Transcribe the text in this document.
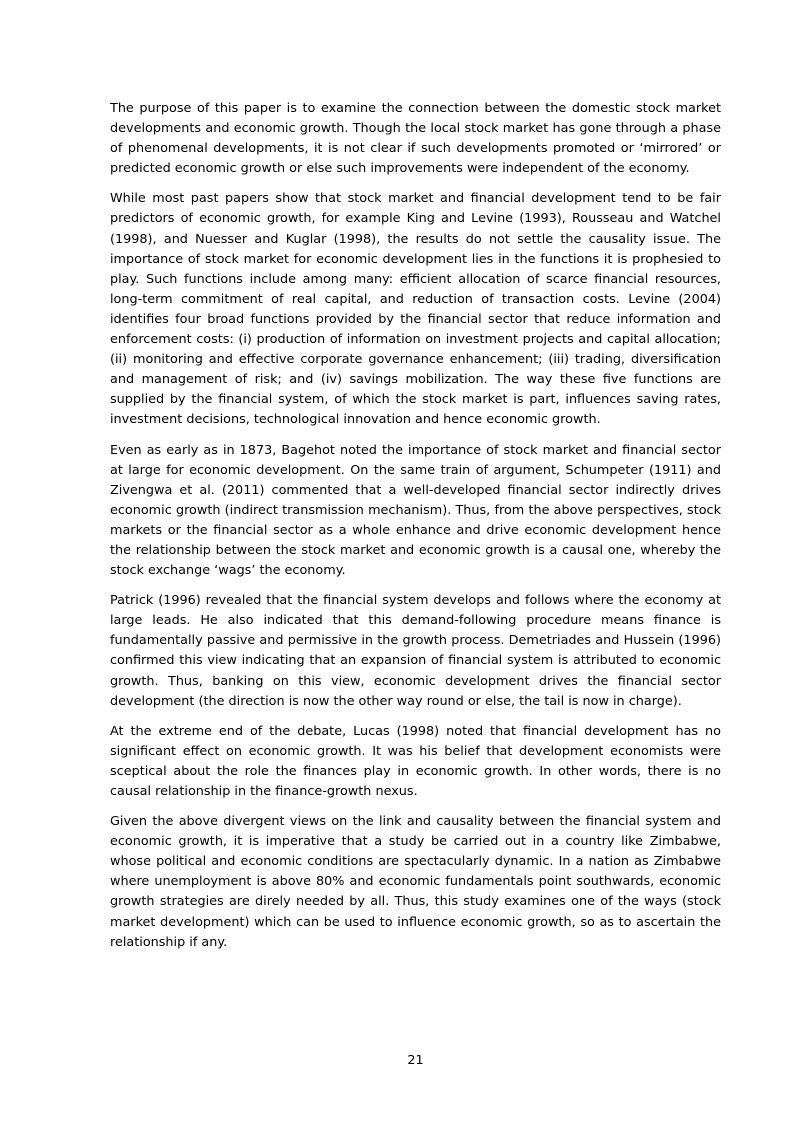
The purpose of this paper is to examine the connection between the domestic stock market developments and economic growth. Though the local stock market has gone through a phase of phenomenal developments, it is not clear if such developments promoted or ‘mirrored’ or predicted economic growth or else such improvements were independent of the economy.

While most past papers show that stock market and financial development tend to be fair predictors of economic growth, for example King and Levine (1993), Rousseau and Watchel (1998), and Nuesser and Kuglar (1998), the results do not settle the causality issue. The importance of stock market for economic development lies in the functions it is prophesied to play. Such functions include among many: efficient allocation of scarce financial resources, long-term commitment of real capital, and reduction of transaction costs. Levine (2004) identifies four broad functions provided by the financial sector that reduce information and enforcement costs: (i) production of information on investment projects and capital allocation; (ii) monitoring and effective corporate governance enhancement; (iii) trading, diversification and management of risk; and (iv) savings mobilization. The way these five functions are supplied by the financial system, of which the stock market is part, influences saving rates, investment decisions, technological innovation and hence economic growth.

Even as early as in 1873, Bagehot noted the importance of stock market and financial sector at large for economic development. On the same train of argument, Schumpeter (1911) and Zivengwa et al. (2011) commented that a well-developed financial sector indirectly drives economic growth (indirect transmission mechanism). Thus, from the above perspectives, stock markets or the financial sector as a whole enhance and drive economic development hence the relationship between the stock market and economic growth is a causal one, whereby the stock exchange ‘wags’ the economy.

Patrick (1996) revealed that the financial system develops and follows where the economy at large leads. He also indicated that this demand-following procedure means finance is fundamentally passive and permissive in the growth process. Demetriades and Hussein (1996) confirmed this view indicating that an expansion of financial system is attributed to economic growth. Thus, banking on this view, economic development drives the financial sector development (the direction is now the other way round or else, the tail is now in charge).

At the extreme end of the debate, Lucas (1998) noted that financial development has no significant effect on economic growth. It was his belief that development economists were sceptical about the role the finances play in economic growth. In other words, there is no causal relationship in the finance-growth nexus.

Given the above divergent views on the link and causality between the financial system and economic growth, it is imperative that a study be carried out in a country like Zimbabwe, whose political and economic conditions are spectacularly dynamic. In a nation as Zimbabwe where unemployment is above 80% and economic fundamentals point southwards, economic growth strategies are direly needed by all. Thus, this study examines one of the ways (stock market development) which can be used to influence economic growth, so as to ascertain the relationship if any.

21
